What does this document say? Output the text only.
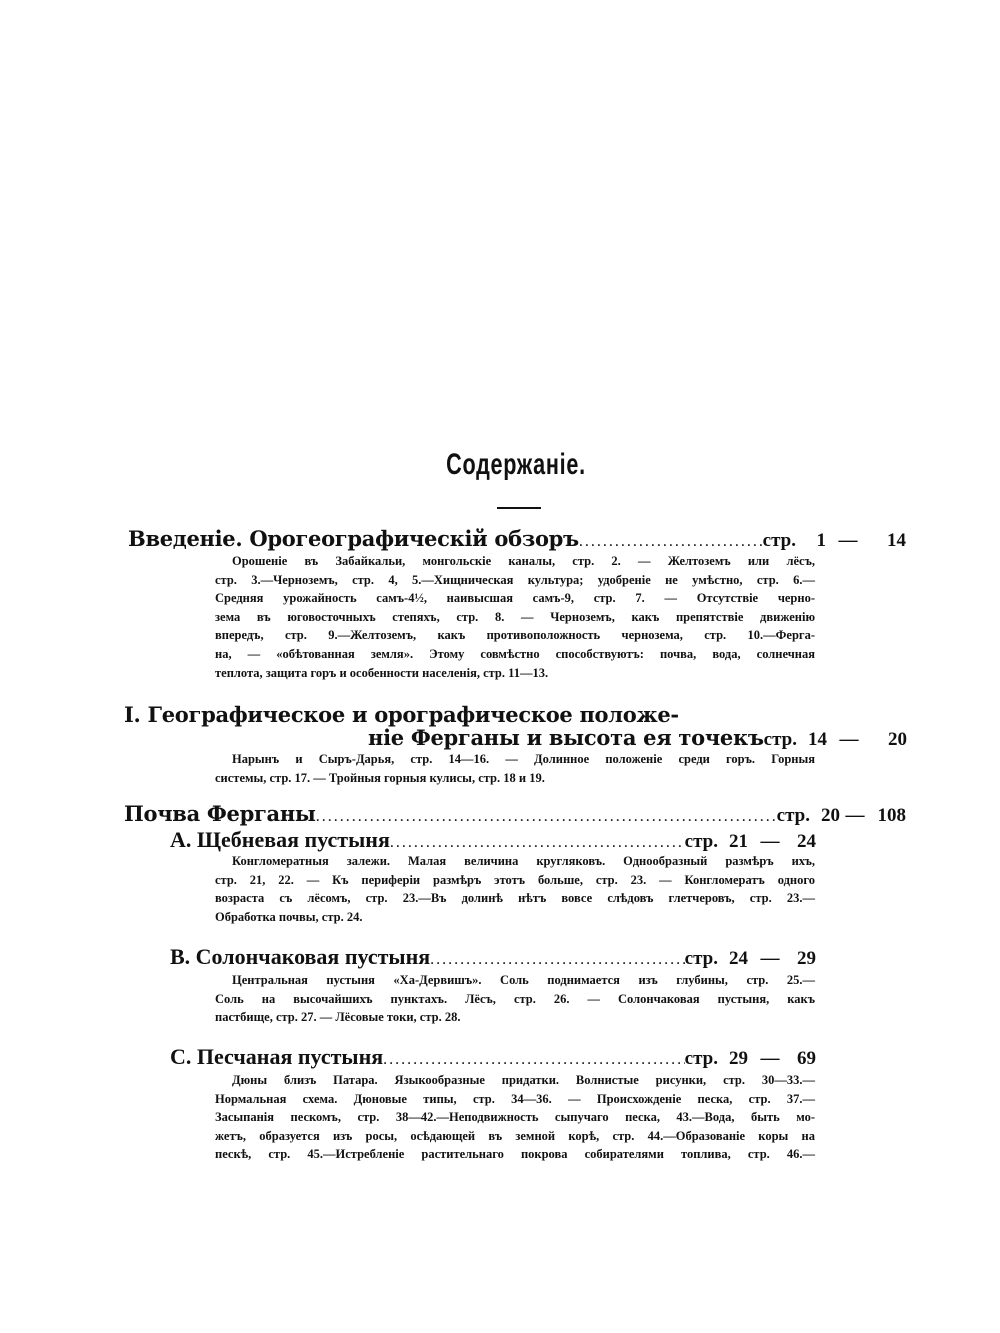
Содержаніе.
Введеніе. Орогеографическій обзоръ .....	стр.	1 —	14
Орошеніе въ Забайкальи, монгольскіе каналы, стр. 2. — Желтоземъ или лёсъ,
стр. 3.—Черноземъ, стр. 4, 5.—Хищническая культура; удобреніе не умѣстно, стр. 6.—
Средняя урожайность самъ-4½, наивысшая самъ-9, стр. 7. — Отсутствіе черно-
зема въ юговосточныхъ степяхъ, стр. 8. — Черноземъ, какъ препятствіе движенію
впередъ, стр. 9.—Желтоземъ, какъ противоположность чернозема, стр. 10.—Ферга-
на, — «обѣтованная земля». Этому совмѣстно способствуютъ: почва, вода, солнечная
теплота, защита горъ и особенности населенія, стр. 11—13.
I. Географическое и орографическое положе-
ніе Ферганы и высота ея точекъ стр. 14 —	20
Нарынъ и Сыръ-Дарья, стр. 14—16. — Долинное положеніе среди горъ. Горныя
системы, стр. 17. — Тройныя горныя кулисы, стр. 18 и 19.
Почва Ферганы .....	стр. 20 — 108
A. Щебневая пустыня .....	стр. 21 — 24
Конгломератныя залежи. Малая величина кругляковъ. Однообразный размѣръ ихъ,
стр. 21, 22. — Къ периферіи размѣръ этотъ больше, стр. 23. — Конгломератъ одного
возраста съ лёсомъ, стр. 23.—Въ долинѣ нѣтъ вовсе слѣдовъ глетчеровъ, стр. 23.—
Обработка почвы, стр. 24.
B. Солончаковая пустыня .....	стр. 24 — 29
Центральная пустыня «Ха-Дервишъ». Соль поднимается изъ глубины, стр. 25.—
Соль на высочайшихъ пунктахъ. Лёсъ, стр. 26. — Солончаковая пустыня, какъ
пастбище, стр. 27. — Лёсовые токи, стр. 28.
C. Песчаная пустыня .....	стр. 29 — 69
Дюны близъ Патара. Языкообразные придатки. Волнистые рисунки, стр. 30—33.—
Нормальная схема. Дюновые типы, стр. 34—36. — Происхожденіе песка, стр. 37.—
Засыпанія пескомъ, стр. 38—42.—Неподвижность сыпучаго песка, 43.—Вода, быть мо-
жетъ, образуется изъ росы, осѣдающей въ земной корѣ, стр. 44.—Образованіе коры на
пескѣ, стр. 45.—Истребленіе растительнаго покрова собирателями топлива, стр. 46.—
